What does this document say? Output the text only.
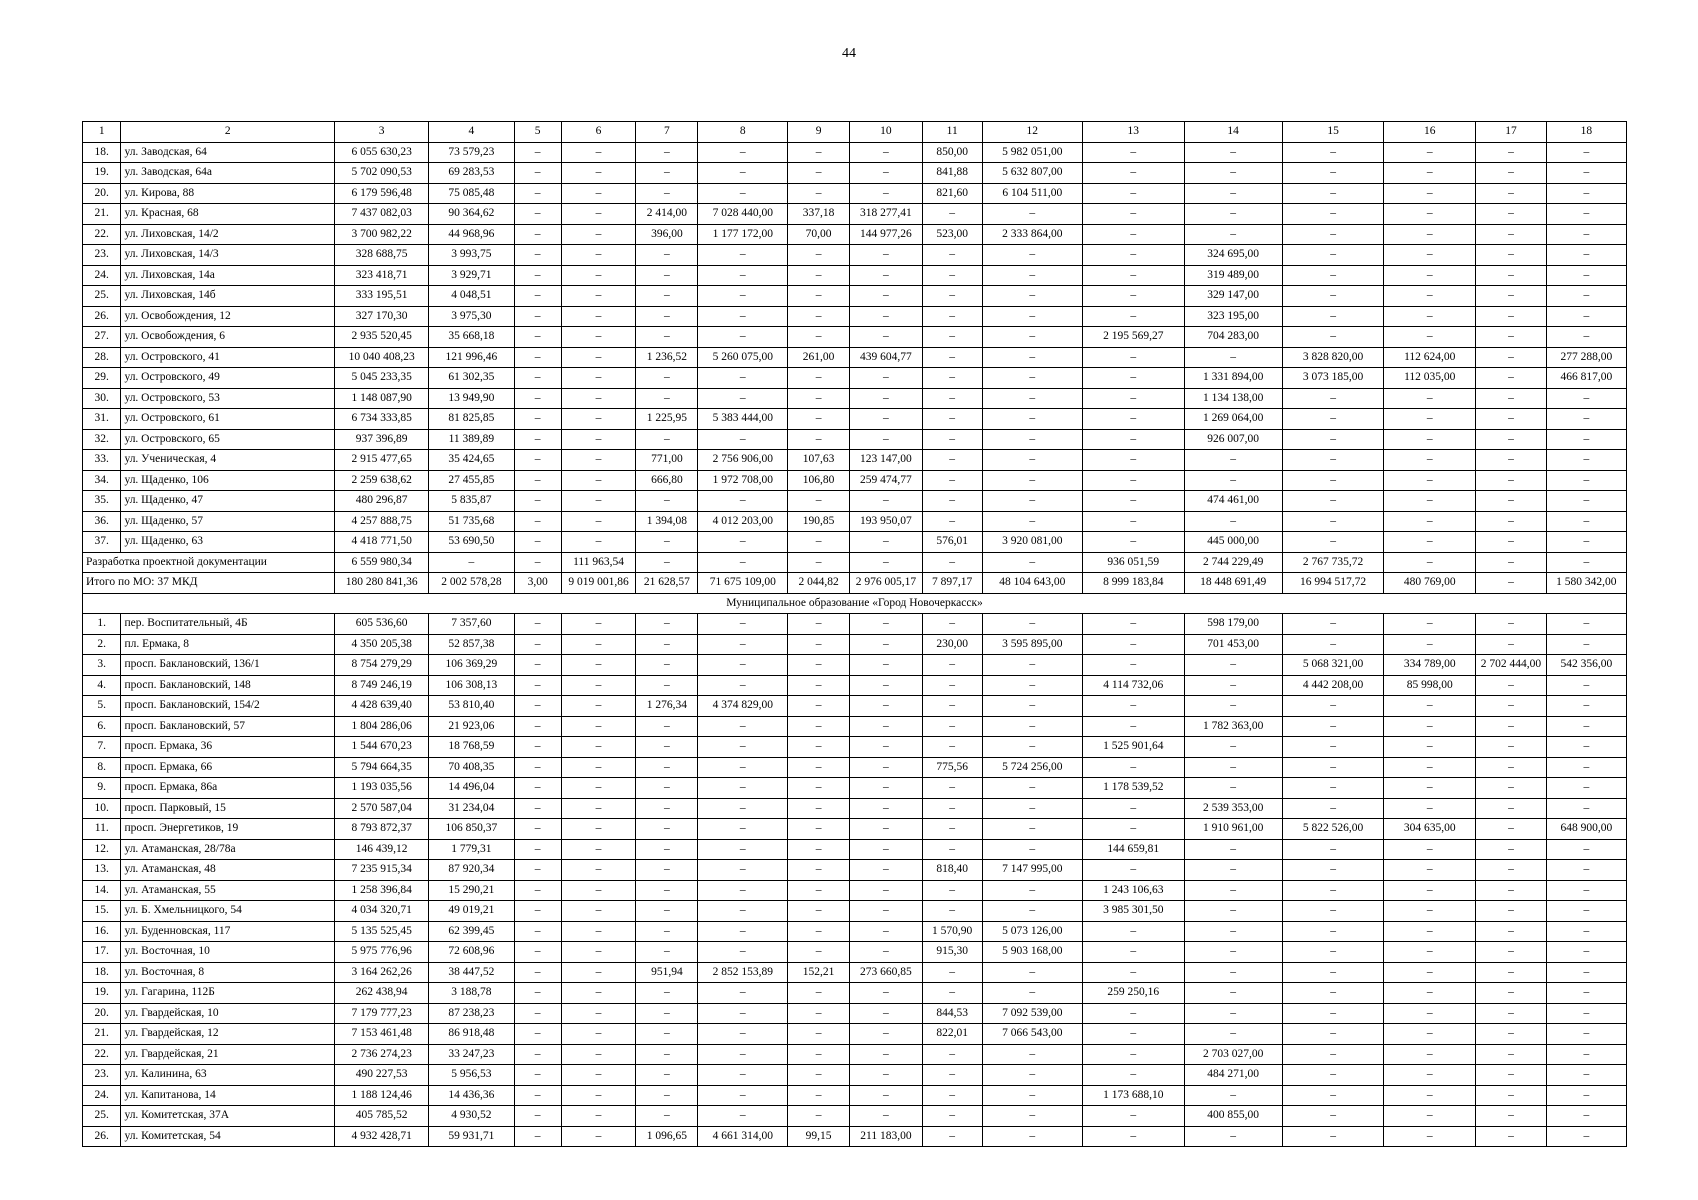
44
1	2	3	4	5	6	7	8	9	10	11	12	13	14	15	16	17	18
18.	ул. Заводская, 64	6 055 630,23	73 579,23	–	–	–	–	–	–	850,00	5 982 051,00	–	–	–	–	–	–
19.	ул. Заводская, 64а	5 702 090,53	69 283,53	–	–	–	–	–	–	841,88	5 632 807,00	–	–	–	–	–	–
20.	ул. Кирова, 88	6 179 596,48	75 085,48	–	–	–	–	–	–	821,60	6 104 511,00	–	–	–	–	–	–
21.	ул. Красная, 68	7 437 082,03	90 364,62	–	–	2 414,00	7 028 440,00	337,18	318 277,41	–	–	–	–	–	–	–	–
22.	ул. Лиховская, 14/2	3 700 982,22	44 968,96	–	–	396,00	1 177 172,00	70,00	144 977,26	523,00	2 333 864,00	–	–	–	–	–	–
23.	ул. Лиховская, 14/3	328 688,75	3 993,75	–	–	–	–	–	–	–	–	–	324 695,00	–	–	–	–
24.	ул. Лиховская, 14а	323 418,71	3 929,71	–	–	–	–	–	–	–	–	–	319 489,00	–	–	–	–
25.	ул. Лиховская, 14б	333 195,51	4 048,51	–	–	–	–	–	–	–	–	–	329 147,00	–	–	–	–
26.	ул. Освобождения, 12	327 170,30	3 975,30	–	–	–	–	–	–	–	–	–	323 195,00	–	–	–	–
27.	ул. Освобождения, 6	2 935 520,45	35 668,18	–	–	–	–	–	–	–	–	2 195 569,27	704 283,00	–	–	–	–
28.	ул. Островского, 41	10 040 408,23	121 996,46	–	–	1 236,52	5 260 075,00	261,00	439 604,77	–	–	–	–	3 828 820,00	112 624,00	–	277 288,00
29.	ул. Островского, 49	5 045 233,35	61 302,35	–	–	–	–	–	–	–	–	–	1 331 894,00	3 073 185,00	112 035,00	–	466 817,00
30.	ул. Островского, 53	1 148 087,90	13 949,90	–	–	–	–	–	–	–	–	–	1 134 138,00	–	–	–	–
31.	ул. Островского, 61	6 734 333,85	81 825,85	–	–	1 225,95	5 383 444,00	–	–	–	–	–	1 269 064,00	–	–	–	–
32.	ул. Островского, 65	937 396,89	11 389,89	–	–	–	–	–	–	–	–	–	926 007,00	–	–	–	–
33.	ул. Ученическая, 4	2 915 477,65	35 424,65	–	–	771,00	2 756 906,00	107,63	123 147,00	–	–	–	–	–	–	–	–
34.	ул. Щаденко, 106	2 259 638,62	27 455,85	–	–	666,80	1 972 708,00	106,80	259 474,77	–	–	–	–	–	–	–	–
35.	ул. Щаденко, 47	480 296,87	5 835,87	–	–	–	–	–	–	–	–	–	474 461,00	–	–	–	–
36.	ул. Щаденко, 57	4 257 888,75	51 735,68	–	–	1 394,08	4 012 203,00	190,85	193 950,07	–	–	–	–	–	–	–	–
37.	ул. Щаденко, 63	4 418 771,50	53 690,50	–	–	–	–	–	–	576,01	3 920 081,00	–	445 000,00	–	–	–	–
Разработка проектной документации		6 559 980,34	–	–	111 963,54	–	–	–	–	–	–	936 051,59	2 744 229,49	2 767 735,72	–	–	–
Итого по МО: 37 МКД		180 280 841,36	2 002 578,28	3,00	9 019 001,86	21 628,57	71 675 109,00	2 044,82	2 976 005,17	7 897,17	48 104 643,00	8 999 183,84	18 448 691,49	16 994 517,72	480 769,00	–	1 580 342,00
Муниципальное образование «Город Новочеркасск»																	
1.	пер. Воспитательный, 4Б	605 536,60	7 357,60	–	–	–	–	–	–	–	–	–	598 179,00	–	–	–	–
2.	пл. Ермака, 8	4 350 205,38	52 857,38	–	–	–	–	–	–	230,00	3 595 895,00	–	701 453,00	–	–	–	–
3.	просп. Баклановский, 136/1	8 754 279,29	106 369,29	–	–	–	–	–	–	–	–	–	–	5 068 321,00	334 789,00	2 702 444,00	542 356,00
4.	просп. Баклановский, 148	8 749 246,19	106 308,13	–	–	–	–	–	–	–	–	4 114 732,06	–	4 442 208,00	85 998,00	–	–
5.	просп. Баклановский, 154/2	4 428 639,40	53 810,40	–	–	1 276,34	4 374 829,00	–	–	–	–	–	–	–	–	–	–
6.	просп. Баклановский, 57	1 804 286,06	21 923,06	–	–	–	–	–	–	–	–	–	1 782 363,00	–	–	–	–
7.	просп. Ермака, 36	1 544 670,23	18 768,59	–	–	–	–	–	–	–	–	1 525 901,64	–	–	–	–	–
8.	просп. Ермака, 66	5 794 664,35	70 408,35	–	–	–	–	–	–	775,56	5 724 256,00	–	–	–	–	–	–
9.	просп. Ермака, 86а	1 193 035,56	14 496,04	–	–	–	–	–	–	–	–	1 178 539,52	–	–	–	–	–
10.	просп. Парковый, 15	2 570 587,04	31 234,04	–	–	–	–	–	–	–	–	–	2 539 353,00	–	–	–	–
11.	просп. Энергетиков, 19	8 793 872,37	106 850,37	–	–	–	–	–	–	–	–	–	1 910 961,00	5 822 526,00	304 635,00	–	648 900,00
12.	ул. Атаманская, 28/78а	146 439,12	1 779,31	–	–	–	–	–	–	–	–	144 659,81	–	–	–	–	–
13.	ул. Атаманская, 48	7 235 915,34	87 920,34	–	–	–	–	–	–	818,40	7 147 995,00	–	–	–	–	–	–
14.	ул. Атаманская, 55	1 258 396,84	15 290,21	–	–	–	–	–	–	–	–	1 243 106,63	–	–	–	–	–
15.	ул. Б. Хмельницкого, 54	4 034 320,71	49 019,21	–	–	–	–	–	–	–	–	3 985 301,50	–	–	–	–	–
16.	ул. Буденновская, 117	5 135 525,45	62 399,45	–	–	–	–	–	–	1 570,90	5 073 126,00	–	–	–	–	–	–
17.	ул. Восточная, 10	5 975 776,96	72 608,96	–	–	–	–	–	–	915,30	5 903 168,00	–	–	–	–	–	–
18.	ул. Восточная, 8	3 164 262,26	38 447,52	–	–	951,94	2 852 153,89	152,21	273 660,85	–	–	–	–	–	–	–	–
19.	ул. Гагарина, 112Б	262 438,94	3 188,78	–	–	–	–	–	–	–	–	259 250,16	–	–	–	–	–
20.	ул. Гвардейская, 10	7 179 777,23	87 238,23	–	–	–	–	–	–	844,53	7 092 539,00	–	–	–	–	–	–
21.	ул. Гвардейская, 12	7 153 461,48	86 918,48	–	–	–	–	–	–	822,01	7 066 543,00	–	–	–	–	–	–
22.	ул. Гвардейская, 21	2 736 274,23	33 247,23	–	–	–	–	–	–	–	–	–	2 703 027,00	–	–	–	–
23.	ул. Калинина, 63	490 227,53	5 956,53	–	–	–	–	–	–	–	–	–	484 271,00	–	–	–	–
24.	ул. Капитанова, 14	1 188 124,46	14 436,36	–	–	–	–	–	–	–	–	1 173 688,10	–	–	–	–	–
25.	ул. Комитетская, 37А	405 785,52	4 930,52	–	–	–	–	–	–	–	–	–	400 855,00	–	–	–	–
26.	ул. Комитетская, 54	4 932 428,71	59 931,71	–	–	1 096,65	4 661 314,00	99,15	211 183,00	–	–	–	–	–	–	–	–
